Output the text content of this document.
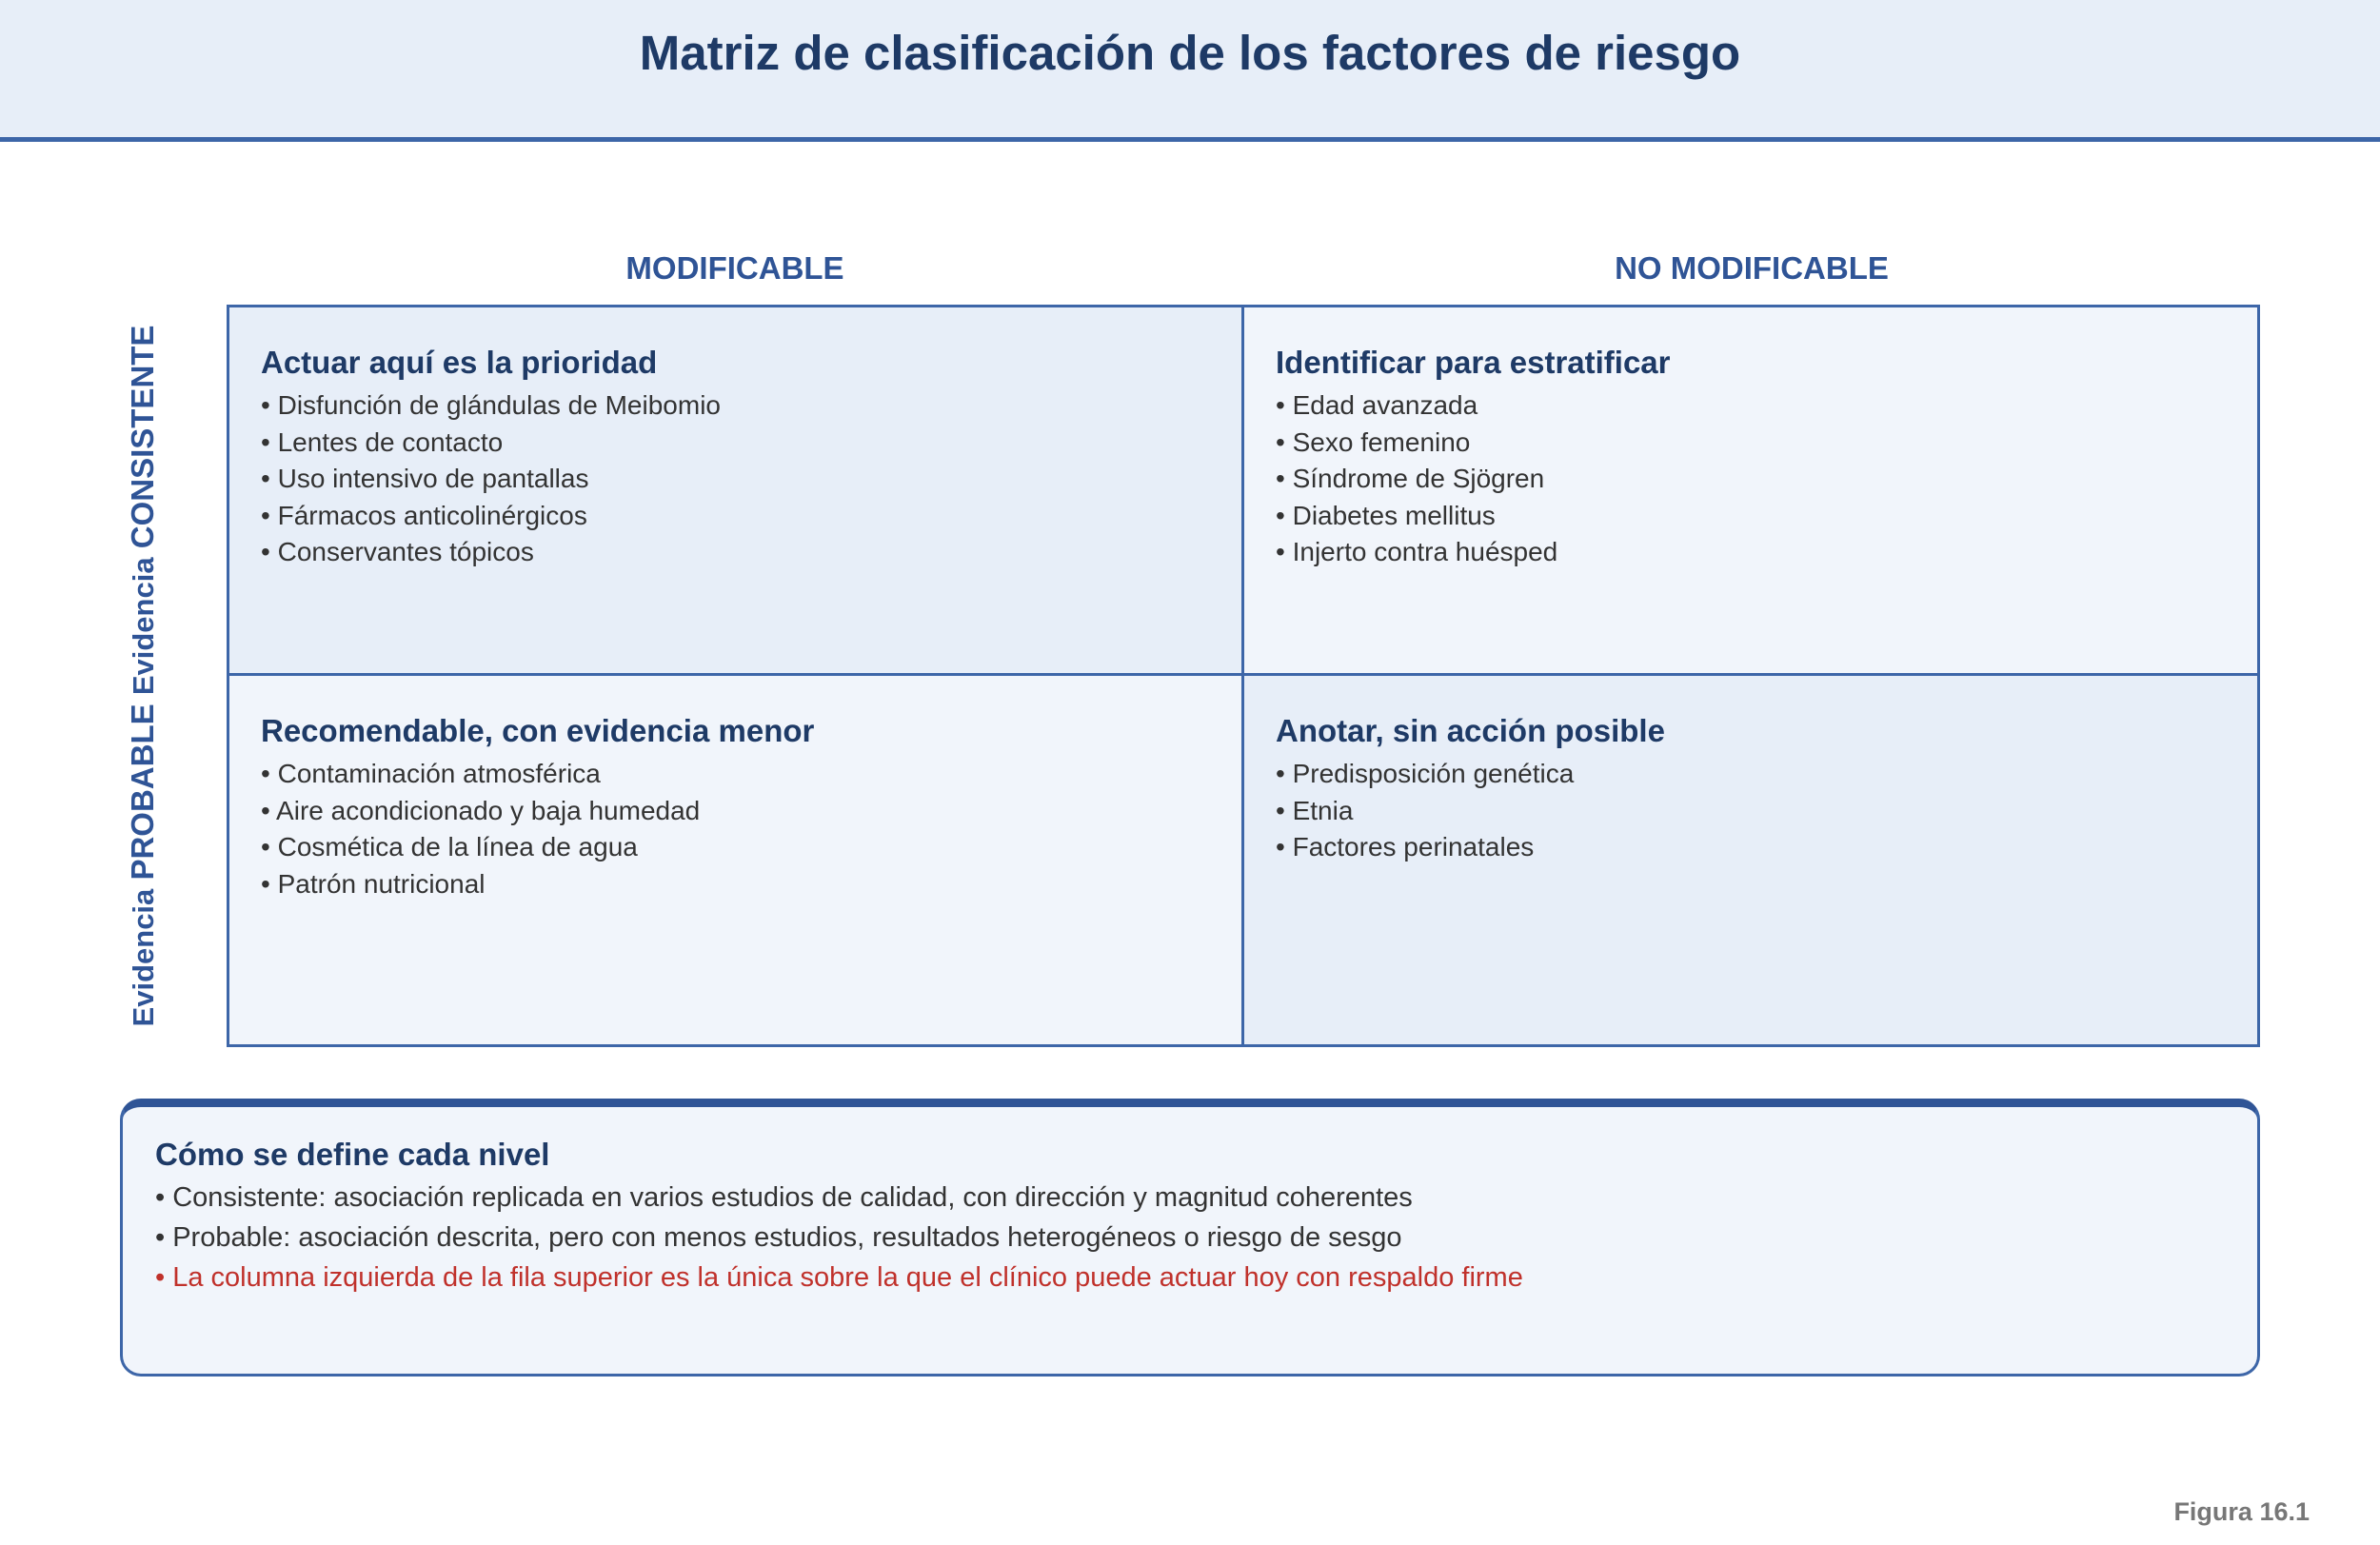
Matriz de clasificación de los factores de riesgo
MODIFICABLE	NO MODIFICABLE
Evidencia PROBABLE Evidencia CONSISTENTE	Actuar aquí es la prioridad
• Disfunción de glándulas de Meibomio
• Lentes de contacto
• Uso intensivo de pantallas
• Fármacos anticolinérgicos
• Conservantes tópicos
Identificar para estratificar
• Edad avanzada
• Sexo femenino
• Síndrome de Sjögren
• Diabetes mellitus
• Injerto contra huésped
Recomendable, con evidencia menor
• Contaminación atmosférica
• Aire acondicionado y baja humedad
• Cosmética de la línea de agua
• Patrón nutricional
Anotar, sin acción posible
• Predisposición genética
• Etnia
• Factores perinatales
Cómo se define cada nivel
• Consistente: asociación replicada en varios estudios de calidad, con dirección y magnitud coherentes
• Probable: asociación descrita, pero con menos estudios, resultados heterogéneos o riesgo de sesgo
• La columna izquierda de la fila superior es la única sobre la que el clínico puede actuar hoy con respaldo firme
Figura 16.1
